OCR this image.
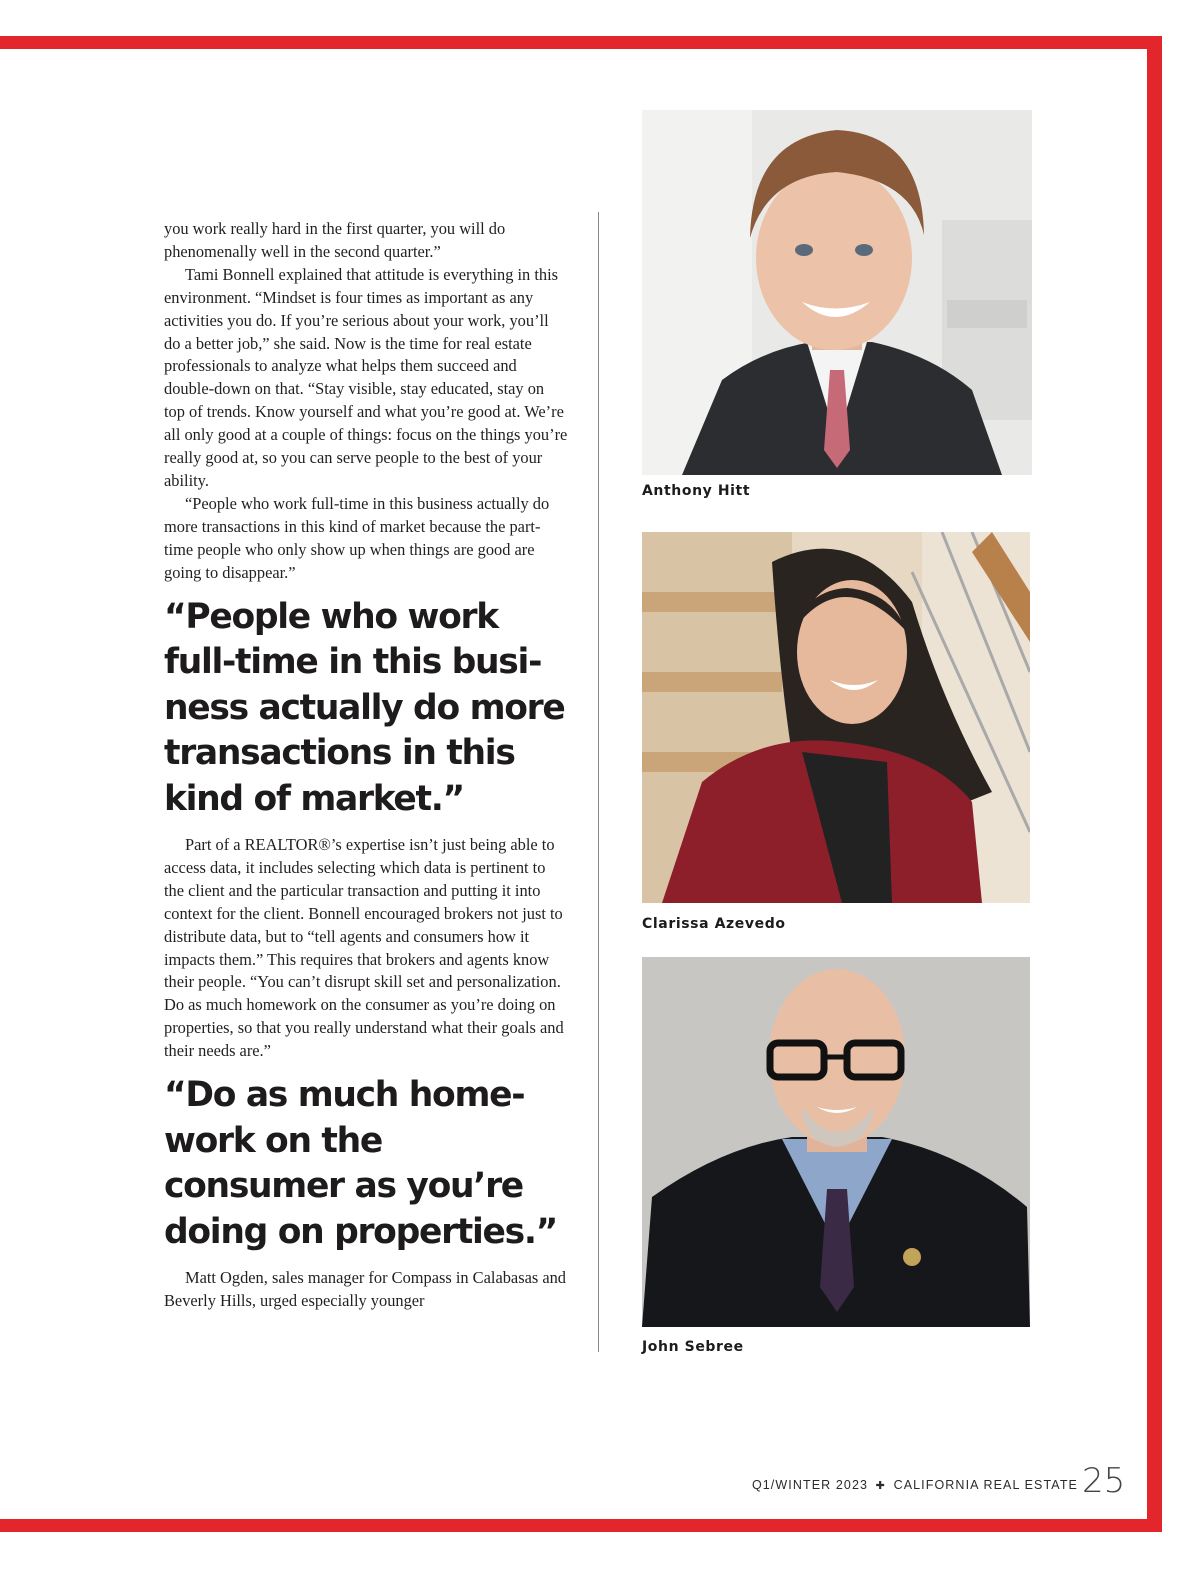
you work really hard in the first quarter, you will do phenomenally well in the second quarter.”

Tami Bonnell explained that attitude is everything in this environment. “Mindset is four times as important as any activities you do. If you’re serious about your work, you’ll do a better job,” she said. Now is the time for real estate professionals to analyze what helps them succeed and double-down on that. “Stay visible, stay educated, stay on top of trends. Know yourself and what you’re good at. We’re all only good at a couple of things: focus on the things you’re really good at, so you can serve people to the best of your ability.

“People who work full-time in this business actually do more transactions in this kind of market because the part-time people who only show up when things are good are going to disappear.”

“People who work full-time in this business actually do more transactions in this kind of market.”

Part of a REALTOR®’s expertise isn’t just being able to access data, it includes selecting which data is pertinent to the client and the particular transaction and putting it into context for the client. Bonnell encouraged brokers not just to distribute data, but to “tell agents and consumers how it impacts them.” This requires that brokers and agents know their people. “You can’t disrupt skill set and personalization. Do as much homework on the consumer as you’re doing on properties, so that you really understand what their goals and their needs are.”

“Do as much homework on the consumer as you’re doing on properties.”

Matt Ogden, sales manager for Compass in Calabasas and Beverly Hills, urged especially younger

Anthony Hitt
Clarissa Azevedo
John Sebree
Q1/WINTER 2023 ✚ CALIFORNIA REAL ESTATE 25
